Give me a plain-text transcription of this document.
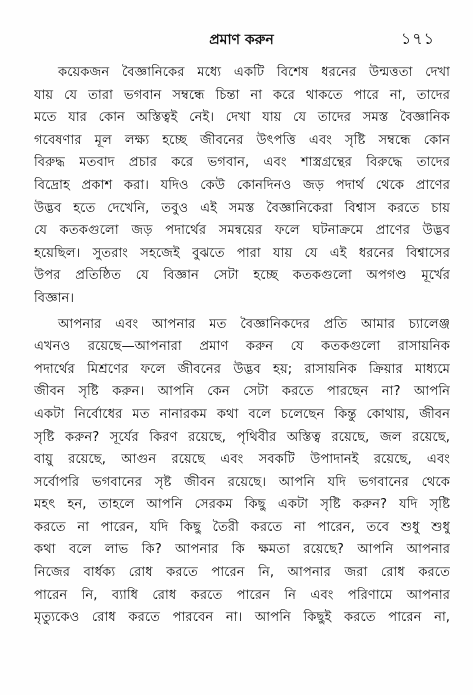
প্রমাণ করুন	১৭১
কয়েকজন বৈজ্ঞানিকের মধ্যে একটি বিশেষ ধরনের উন্মত্ততা দেখা
যায় যে তারা ভগবান সম্বন্ধে চিন্তা না করে থাকতে পারে না, তাদের
মতে যার কোন অস্তিত্বই নেই। দেখা যায় যে তাদের সমস্ত বৈজ্ঞানিক
গবেষণার মূল লক্ষ্য হচ্ছে জীবনের উৎপত্তি এবং সৃষ্টি সম্বন্ধে কোন
বিরুদ্ধ মতবাদ প্রচার করে ভগবান, এবং শাস্ত্রগ্রন্থের বিরুদ্ধে তাদের
বিদ্রোহ প্রকাশ করা। যদিও কেউ কোনদিনও জড় পদার্থ থেকে প্রাণের
উদ্ভব হতে দেখেনি, তবুও এই সমস্ত বৈজ্ঞানিকেরা বিশ্বাস করতে চায়
যে কতকগুলো জড় পদার্থের সমন্বয়ের ফলে ঘটনাক্রমে প্রাণের উদ্ভব
হয়েছিল। সুতরাং সহজেই বুঝতে পারা যায় যে এই ধরনের বিশ্বাসের
উপর প্রতিষ্ঠিত যে বিজ্ঞান সেটা হচ্ছে কতকগুলো অপগণ্ড মূর্খের
বিজ্ঞান।
আপনার এবং আপনার মত বৈজ্ঞানিকদের প্রতি আমার চ্যালেঞ্জ
এখনও রয়েছে—আপনারা প্রমাণ করুন যে কতকগুলো রাসায়নিক
পদার্থের মিশ্রণের ফলে জীবনের উদ্ভব হয়; রাসায়নিক ক্রিয়ার মাধ্যমে
জীবন সৃষ্টি করুন। আপনি কেন সেটা করতে পারছেন না? আপনি
একটা নির্বোধের মত নানারকম কথা বলে চলেছেন কিন্তু কোথায়, জীবন
সৃষ্টি করুন? সূর্যের কিরণ রয়েছে, পৃথিবীর অস্তিত্ব রয়েছে, জল রয়েছে,
বায়ু রয়েছে, আগুন রয়েছে এবং সবকটি উপাদানই রয়েছে, এবং
সর্বোপরি ভগবানের সৃষ্ট জীবন রয়েছে। আপনি যদি ভগবানের থেকে
মহৎ হন, তাহলে আপনি সেরকম কিছু একটা সৃষ্টি করুন? যদি সৃষ্টি
করতে না পারেন, যদি কিছু তৈরী করতে না পারেন, তবে শুধু শুধু
কথা বলে লাভ কি? আপনার কি ক্ষমতা রয়েছে? আপনি আপনার
নিজের বার্ধক্য রোধ করতে পারেন নি, আপনার জরা রোধ করতে
পারেন নি, ব্যাধি রোধ করতে পারেন নি এবং পরিণামে আপনার
মৃত্যুকেও রোধ করতে পারবেন না। আপনি কিছুই করতে পারেন না,
